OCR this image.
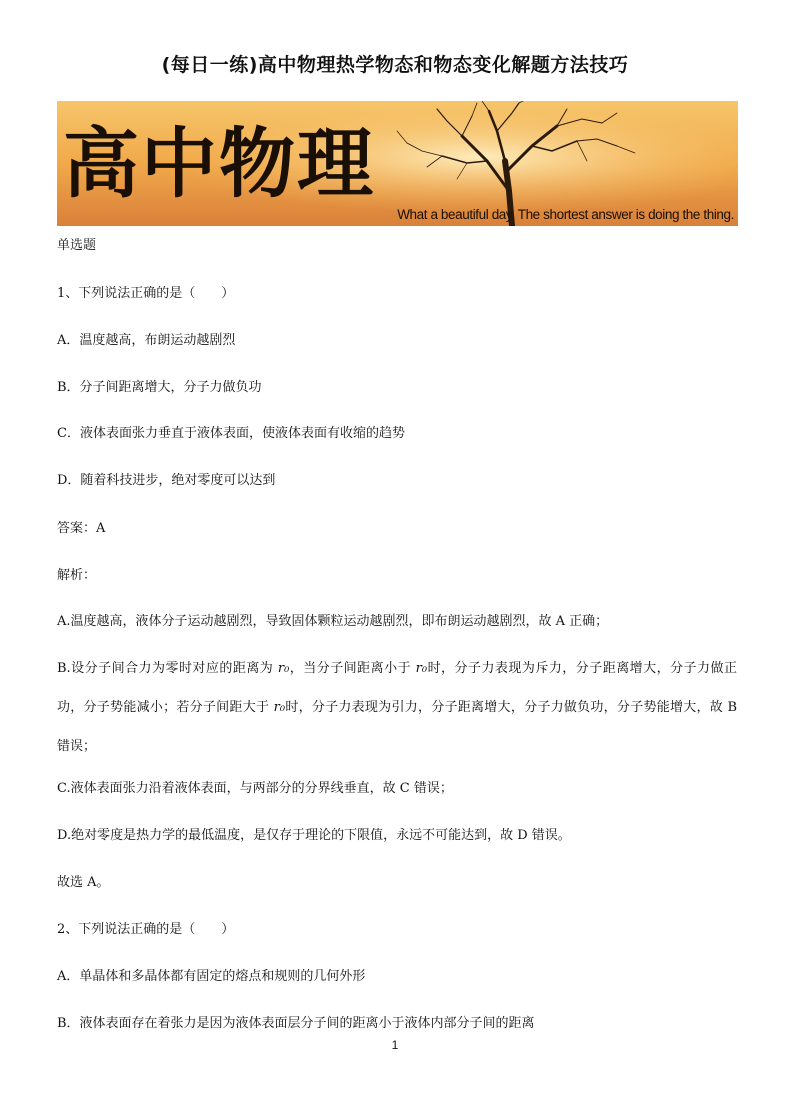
(每日一练)高中物理热学物态和物态变化解题方法技巧
高中物理
What a beautiful day. The shortest answer is doing the thing.
单选题
1、下列说法正确的是（　　）
A．温度越高，布朗运动越剧烈
B．分子间距离增大，分子力做负功
C．液体表面张力垂直于液体表面，使液体表面有收缩的趋势
D．随着科技进步，绝对零度可以达到
答案：A
解析：
A.温度越高，液体分子运动越剧烈，导致固体颗粒运动越剧烈，即布朗运动越剧烈，故 A 正确；
B.设分子间合力为零时对应的距离为 r₀，当分子间距离小于 r₀时，分子力表现为斥力，分子距离增大，分子力做正功，分子势能减小；若分子间距大于 r₀时，分子力表现为引力，分子距离增大，分子力做负功，分子势能增大，故 B 错误；
C.液体表面张力沿着液体表面，与两部分的分界线垂直，故 C 错误；
D.绝对零度是热力学的最低温度，是仅存于理论的下限值，永远不可能达到，故 D 错误。
故选 A。
2、下列说法正确的是（　　）
A．单晶体和多晶体都有固定的熔点和规则的几何外形
B．液体表面存在着张力是因为液体表面层分子间的距离小于液体内部分子间的距离
1
